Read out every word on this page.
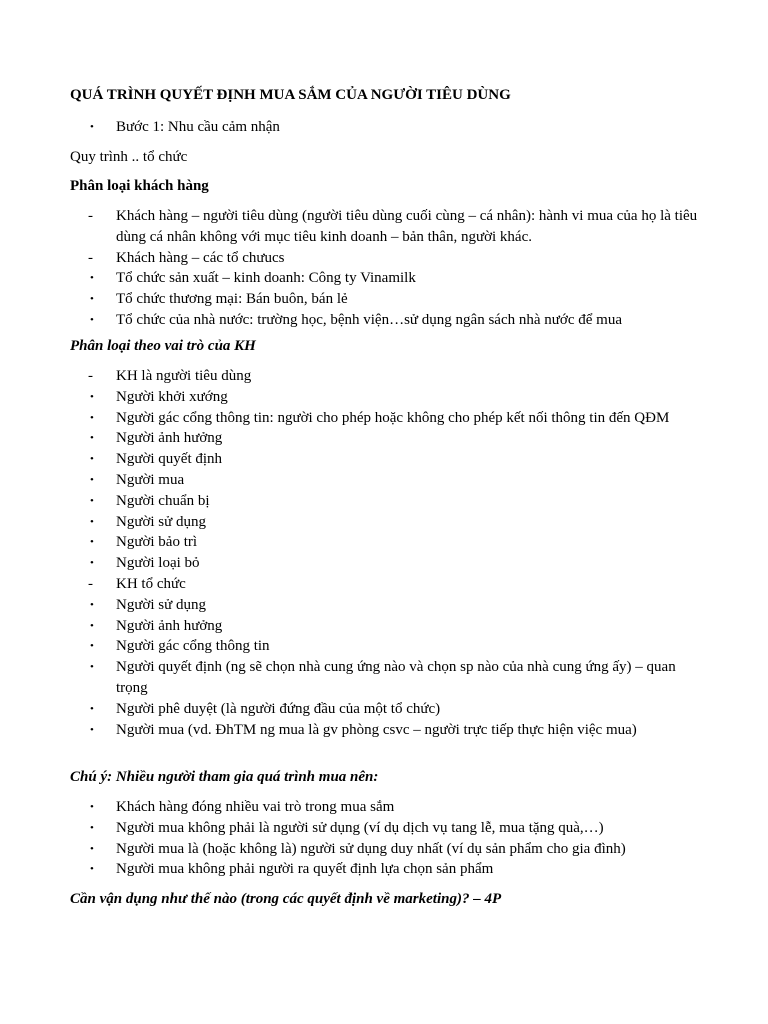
QUÁ TRÌNH QUYẾT ĐỊNH MUA SẮM CỦA NGƯỜI TIÊU DÙNG
•	Bước 1: Nhu cầu cảm nhận
Quy trình .. tổ chức
Phân loại khách hàng
-	Khách hàng – người tiêu dùng (người tiêu dùng cuối cùng – cá nhân): hành vi mua của họ là tiêu dùng cá nhân không với mục tiêu kinh doanh – bản thân, người khác.
-	Khách hàng – các tổ chưucs
•	Tổ chức sản xuất – kinh doanh: Công ty Vinamilk
•	Tổ chức thương mại: Bán buôn, bán lẻ
•	Tổ chức của nhà nước: trường học, bệnh viện…sử dụng ngân sách nhà nước để mua
Phân loại theo vai trò của KH
-	KH là người tiêu dùng
•	Người khởi xướng
•	Người gác cổng thông tin: người cho phép hoặc không cho phép kết nối thông tin đến QĐM
•	Người ảnh hưởng
•	Người quyết định
•	Người mua
•	Người chuẩn bị
•	Người sử dụng
•	Người bảo trì
•	Người loại bỏ
-	KH tổ chức
•	Người sử dụng
•	Người ảnh hưởng
•	Người gác cổng thông tin
•	Người quyết định (ng sẽ chọn nhà cung ứng nào và chọn sp nào của nhà cung ứng ấy) – quan trọng
•	Người phê duyệt (là người đứng đầu của một tổ chức)
•	Người mua (vd. ĐhTM ng mua là gv phòng csvc – người trực tiếp thực hiện việc mua)
Chú ý: Nhiều người tham gia quá trình mua nên:
•	Khách hàng đóng nhiều vai trò trong mua sắm
•	Người mua không phải là người sử dụng (ví dụ dịch vụ tang lễ, mua tặng quà,…)
•	Người mua là (hoặc không là) người sử dụng duy nhất (ví dụ sản phẩm cho gia đình)
•	Người mua không phải người ra quyết định lựa chọn sản phẩm
Cần vận dụng như thế nào (trong các quyết định về marketing)? – 4P
